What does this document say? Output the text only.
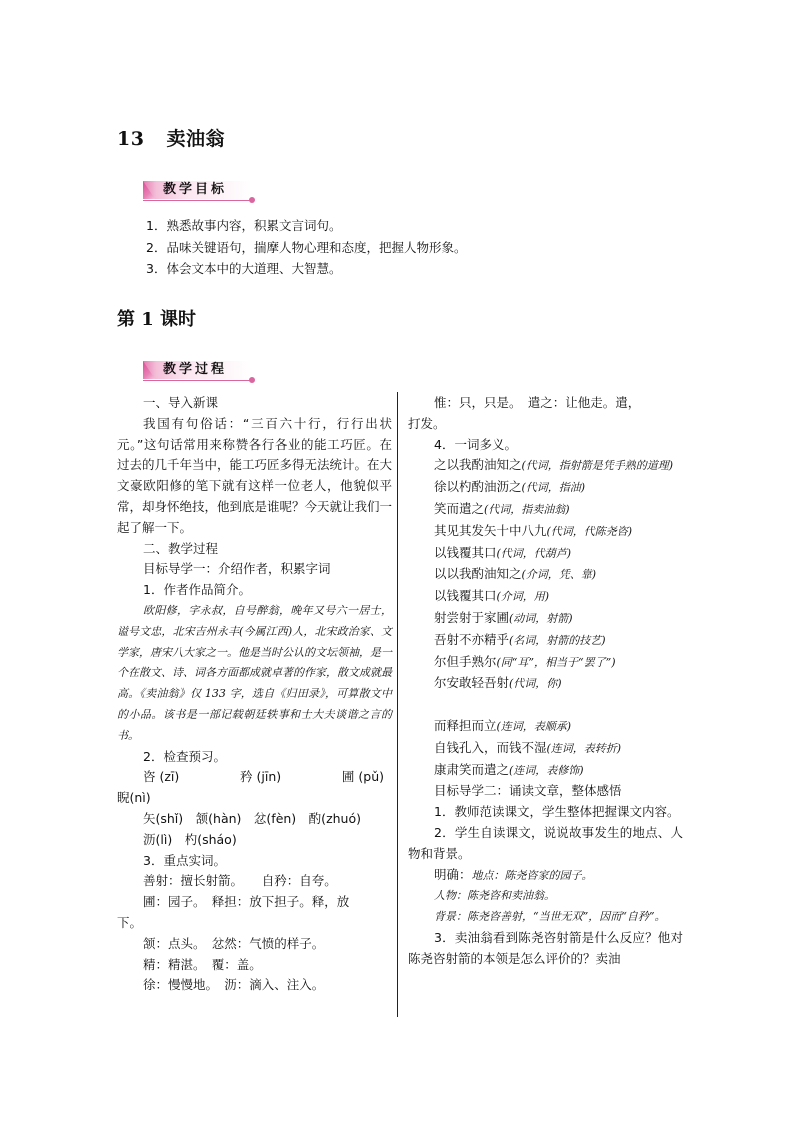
13 卖油翁
教学目标

1．熟悉故事内容，积累文言词句。

2．品味关键语句，揣摩人物心理和态度，把握人物形象。

3．体会文本中的大道理、大智慧。

第 1 课时
教学过程

一、导入新课

我国有句俗话：“三百六十行，行行出状元。”这句话常用来称赞各行各业的能工巧匠。在过去的几千年当中，能工巧匠多得无法统计。在大文豪欧阳修的笔下就有这样一位老人，他貌似平常，却身怀绝技，他到底是谁呢？今天就让我们一起了解一下。

二、教学过程

目标导学一：介绍作者，积累字词

1．作者作品简介。

欧阳修，字永叔，自号醉翁，晚年又号六一居士，谥号文忠，北宋吉州永丰(今属江西)人，北宋政治家、文学家，唐宋八大家之一。他是当时公认的文坛领袖，是一个在散文、诗、词各方面都成就卓著的作家，散文成就最高。《卖油翁》仅 133 字，选自《归田录》，可算散文中的小品。该书是一部记载朝廷轶事和士大夫谈谐之言的书。

2．检查预习。

咨 (zī)	矜 (jīn)	圃 (pǔ)

睨(nì)

矢(shǐ)　颔(hàn)　忿(fèn)　酌(zhuó)

沥(lì)　杓(sháo)

3．重点实词。

善射：擅长射箭。　　自矜：自夸。

圃：园子。　释担：放下担子。释，放

下。

颔：点头。　忿然：气愤的样子。

精：精湛。　覆：盖。

徐：慢慢地。　沥：滴入、注入。

惟：只，只是。　遣之：让他走。遣，

打发。

4．一词多义。

之以我酌油知之(代词，指射箭是凭手熟的道理)

徐以杓酌油沥之(代词，指油)

笑而遣之(代词，指卖油翁)

其见其发矢十中八九(代词，代陈尧咨)

以钱覆其口(代词，代葫芦)

以以我酌油知之(介词，凭、靠)

以钱覆其口(介词，用)

射尝射于家圃(动词，射箭)

吾射不亦精乎(名词，射箭的技艺)

尔但手熟尔(同“耳”，相当于“罢了”)

尔安敢轻吾射(代词，你)

而释担而立(连词，表顺承)

自钱孔入，而钱不湿(连词，表转折)

康肃笑而遣之(连词，表修饰)

目标导学二：诵读文章，整体感悟

1．教师范读课文，学生整体把握课文内容。

2．学生自读课文，说说故事发生的地点、人物和背景。

明确：地点：陈尧咨家的园子。

人物：陈尧咨和卖油翁。

背景：陈尧咨善射，“当世无双”，因而“自矜”。

3．卖油翁看到陈尧咨射箭是什么反应？他对陈尧咨射箭的本领是怎么评价的？卖油
